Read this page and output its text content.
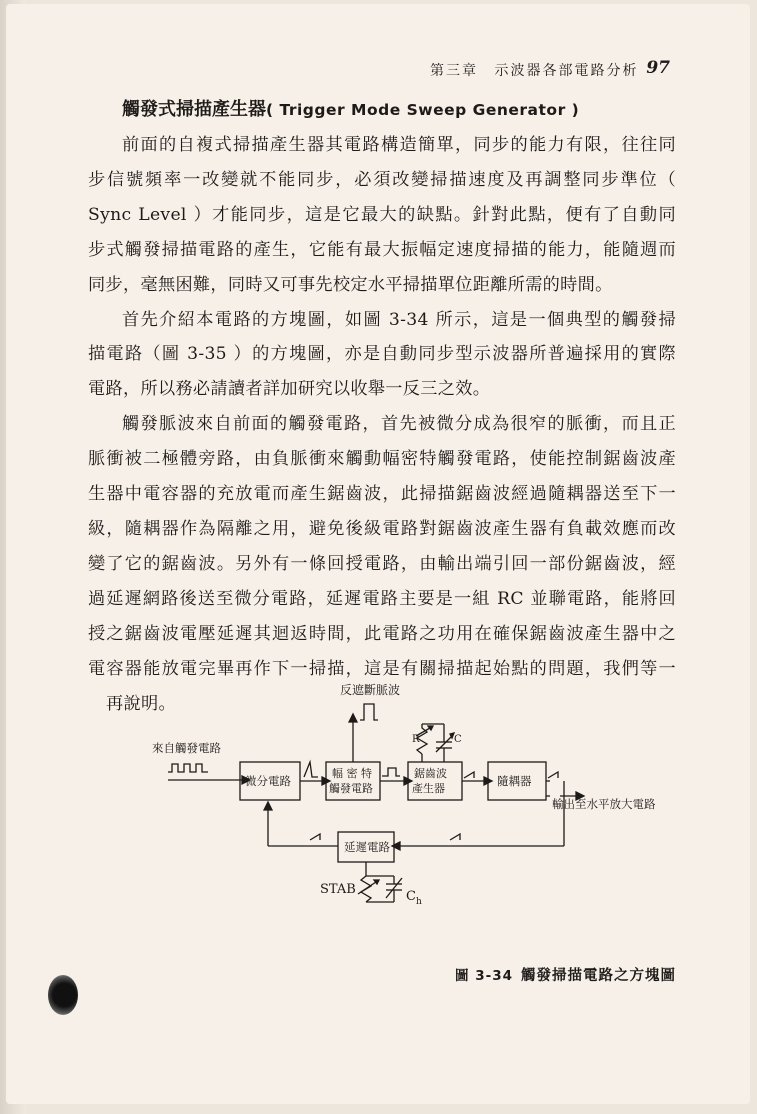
第三章 示波器各部電路分析 97
觸發式掃描產生器( Trigger Mode Sweep Generator )

前面的自複式掃描產生器其電路構造簡單，同步的能力有限，往往同

步信號頻率一改變就不能同步，必須改變掃描速度及再調整同步準位（

Sync Level ）才能同步，這是它最大的缺點。針對此點，便有了自動同

步式觸發掃描電路的產生，它能有最大振幅定速度掃描的能力，能隨週而

同步，毫無困難，同時又可事先校定水平掃描單位距離所需的時間。

首先介紹本電路的方塊圖，如圖 3-34 所示，這是一個典型的觸發掃

描電路（圖 3-35 ）的方塊圖，亦是自動同步型示波器所普遍採用的實際

電路，所以務必請讀者詳加研究以收舉一反三之效。

觸發脈波來自前面的觸發電路，首先被微分成為很窄的脈衝，而且正

脈衝被二極體旁路，由負脈衝來觸動幅密特觸發電路，使能控制鋸齒波產

生器中電容器的充放電而產生鋸齒波，此掃描鋸齒波經過隨耦器送至下一

級，隨耦器作為隔離之用，避免後級電路對鋸齒波產生器有負載效應而改

變了它的鋸齒波。另外有一條回授電路，由輸出端引回一部份鋸齒波，經

過延遲網路後送至微分電路，延遲電路主要是一組 RC 並聯電路，能將回

授之鋸齒波電壓延遲其迴返時間，此電路之功用在確保鋸齒波產生器中之

電容器能放電完畢再作下一掃描，這是有關掃描起始點的問題，我們等一

再說明。

來自觸發電路
反遮斷脈波
微分電路
幅 密 特
觸發電路
鋸齒波
產生器
隨耦器
輸出至水平放大電路
延遲電路
R	C
STAB	C h
圖 3-34 觸發掃描電路之方塊圖
